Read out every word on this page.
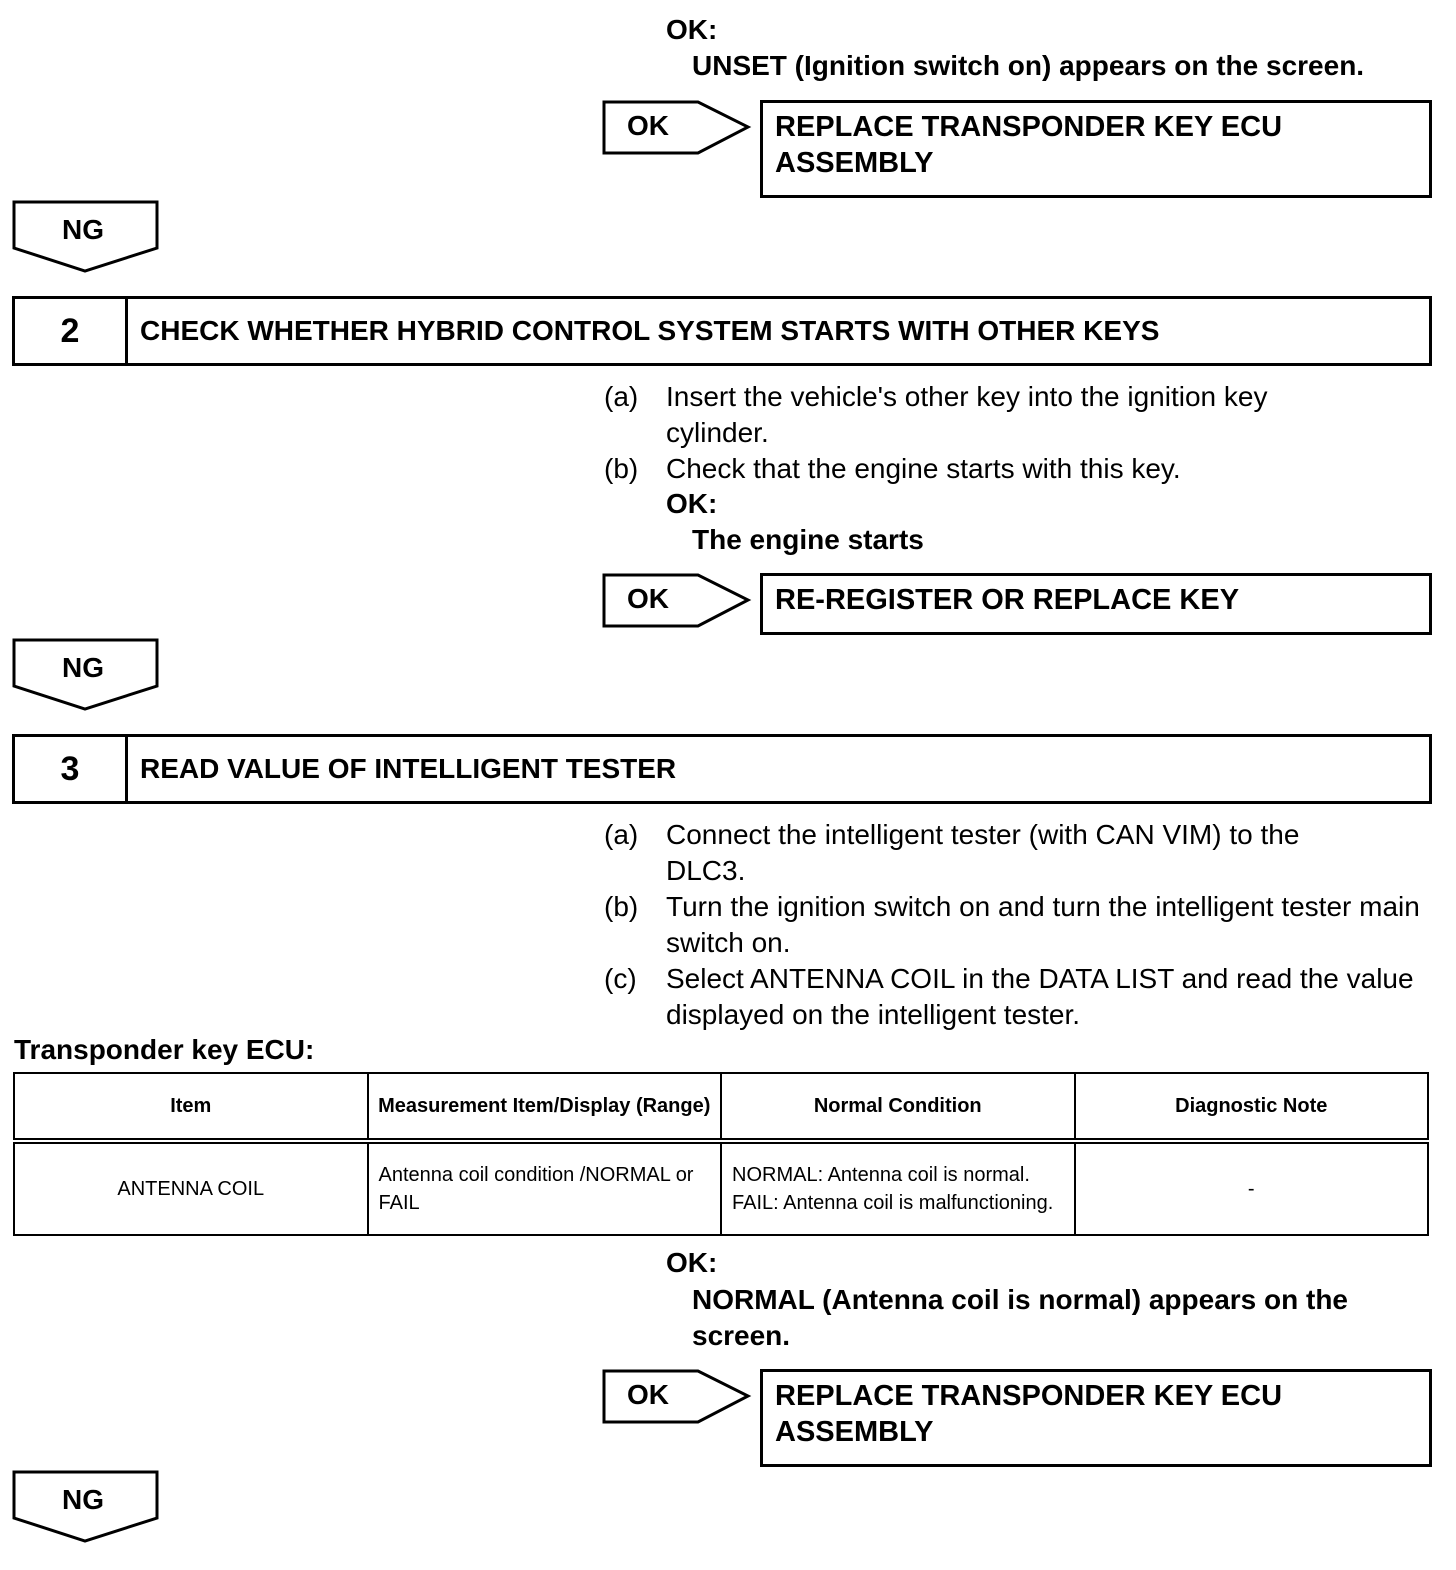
OK:
UNSET (Ignition switch on) appears on the screen.
OK	REPLACE TRANSPONDER KEY ECU ASSEMBLY
NG
2	CHECK WHETHER HYBRID CONTROL SYSTEM STARTS WITH OTHER KEYS
(a) Insert the vehicle's other key into the ignition key cylinder.
(b) Check that the engine starts with this key.
OK:
The engine starts
OK	RE-REGISTER OR REPLACE KEY
NG
3	READ VALUE OF INTELLIGENT TESTER
(a) Connect the intelligent tester (with CAN VIM) to the DLC3.
(b) Turn the ignition switch on and turn the intelligent tester main switch on.
(c)	Select ANTENNA COIL in the DATA LIST and read the value displayed on the intelligent tester.
Transponder key ECU:
Item	Measurement Item/Display (Range)	Normal Condition	Diagnostic Note
ANTENNA COIL	Antenna coil condition /NORMAL or FAIL	NORMAL: Antenna coil is normal. FAIL: Antenna coil is malfunctioning.	-
OK:
NORMAL (Antenna coil is normal) appears on the screen.
OK	REPLACE TRANSPONDER KEY ECU ASSEMBLY
NG
